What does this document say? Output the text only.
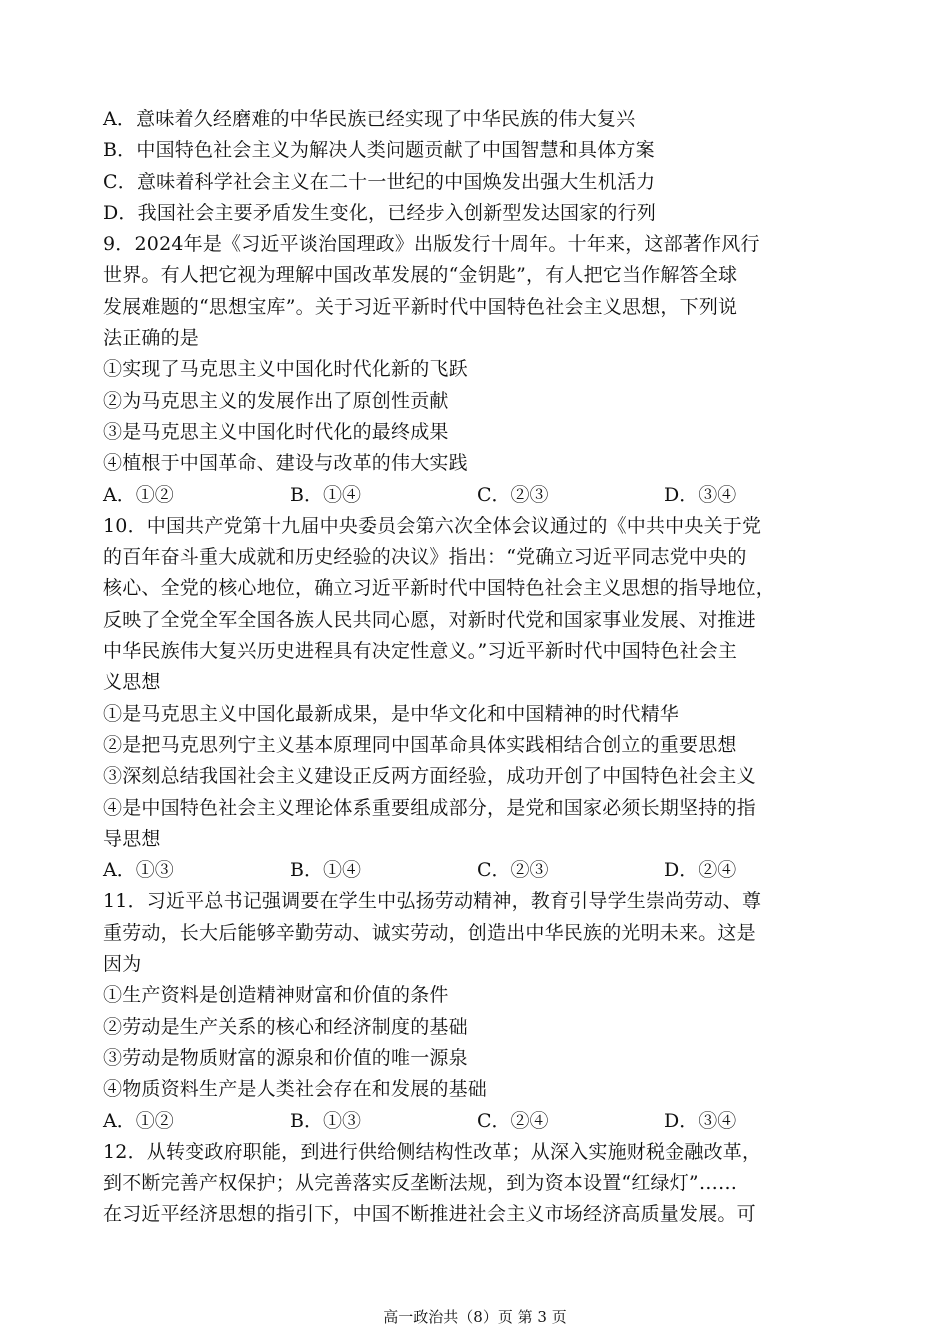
A．意味着久经磨难的中华民族已经实现了中华民族的伟大复兴
B．中国特色社会主义为解决人类问题贡献了中国智慧和具体方案
C．意味着科学社会主义在二十一世纪的中国焕发出强大生机活力
D．我国社会主要矛盾发生变化，已经步入创新型发达国家的行列
9．2024年是《习近平谈治国理政》出版发行十周年。十年来，这部著作风行
世界。有人把它视为理解中国改革发展的“金钥匙”，有人把它当作解答全球
发展难题的“思想宝库”。关于习近平新时代中国特色社会主义思想，下列说
法正确的是
①实现了马克思主义中国化时代化新的飞跃
②为马克思主义的发展作出了原创性贡献
③是马克思主义中国化时代化的最终成果
④植根于中国革命、建设与改革的伟大实践
A．①②	B．①④	C．②③	D．③④
10．中国共产党第十九届中央委员会第六次全体会议通过的《中共中央关于党
的百年奋斗重大成就和历史经验的决议》指出：“党确立习近平同志党中央的
核心、全党的核心地位，确立习近平新时代中国特色社会主义思想的指导地位，
反映了全党全军全国各族人民共同心愿，对新时代党和国家事业发展、对推进
中华民族伟大复兴历史进程具有决定性意义。”习近平新时代中国特色社会主
义思想
①是马克思主义中国化最新成果，是中华文化和中国精神的时代精华
②是把马克思列宁主义基本原理同中国革命具体实践相结合创立的重要思想
③深刻总结我国社会主义建设正反两方面经验，成功开创了中国特色社会主义
④是中国特色社会主义理论体系重要组成部分，是党和国家必须长期坚持的指
导思想
A．①③	B．①④	C．②③	D．②④
11．习近平总书记强调要在学生中弘扬劳动精神，教育引导学生崇尚劳动、尊
重劳动，长大后能够辛勤劳动、诚实劳动，创造出中华民族的光明未来。这是
因为
①生产资料是创造精神财富和价值的条件
②劳动是生产关系的核心和经济制度的基础
③劳动是物质财富的源泉和价值的唯一源泉
④物质资料生产是人类社会存在和发展的基础
A．①②	B．①③	C．②④	D．③④
12．从转变政府职能，到进行供给侧结构性改革；从深入实施财税金融改革，
到不断完善产权保护；从完善落实反垄断法规，到为资本设置“红绿灯”……
在习近平经济思想的指引下，中国不断推进社会主义市场经济高质量发展。可
高一政治共（8）页 第 3 页
